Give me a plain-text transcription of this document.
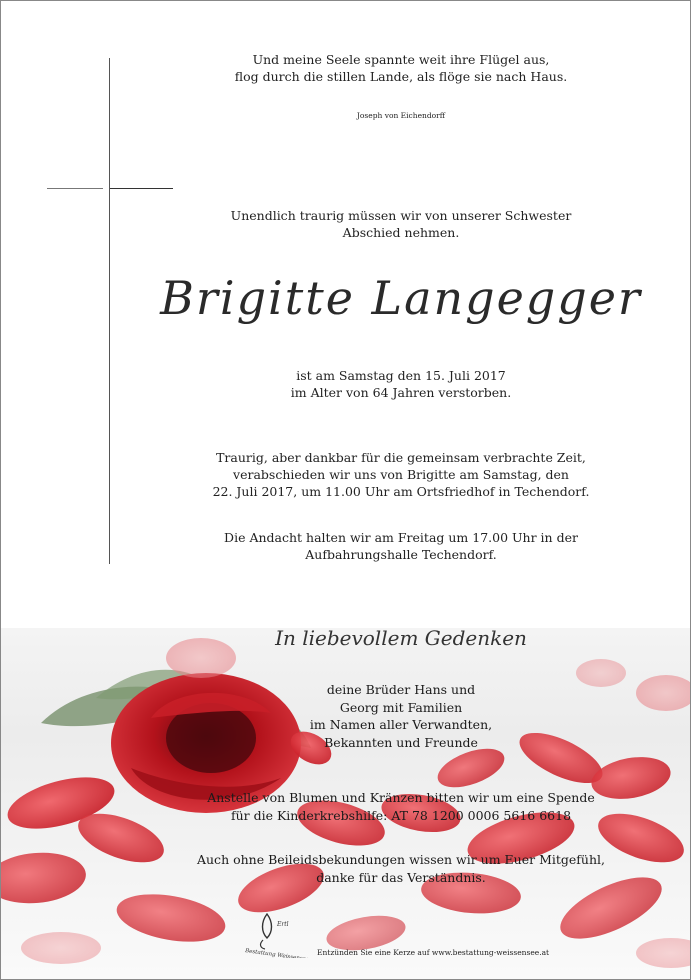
Und meine Seele spannte weit ihre Flügel aus,
flog durch die stillen Lande, als flöge sie nach Haus.
Joseph von Eichendorff
Unendlich traurig müssen wir von unserer Schwester
Abschied nehmen.
Brigitte Langegger
ist am Samstag den 15. Juli 2017
im Alter von 64 Jahren verstorben.
Traurig, aber dankbar für die gemeinsam verbrachte Zeit,
verabschieden wir uns von Brigitte am Samstag, den
22. Juli 2017, um 11.00 Uhr am Ortsfriedhof in Techendorf.
Die Andacht halten wir am Freitag um 17.00 Uhr in der
Aufbahrungshalle Techendorf.
In liebevollem Gedenken
deine Brüder Hans und
Georg mit Familien
im Namen aller Verwandten,
Bekannten und Freunde
Anstelle von Blumen und Kränzen bitten wir um eine Spende
für die Kinderkrebshilfe: AT 78 1200 0006 5616 6618
Auch ohne Beileidsbekundungen wissen wir um Euer Mitgefühl,
danke für das Verständnis.
Ertl
Bestattung Weissensee Entzünden Sie eine Kerze auf www.bestattung-weissensee.at
